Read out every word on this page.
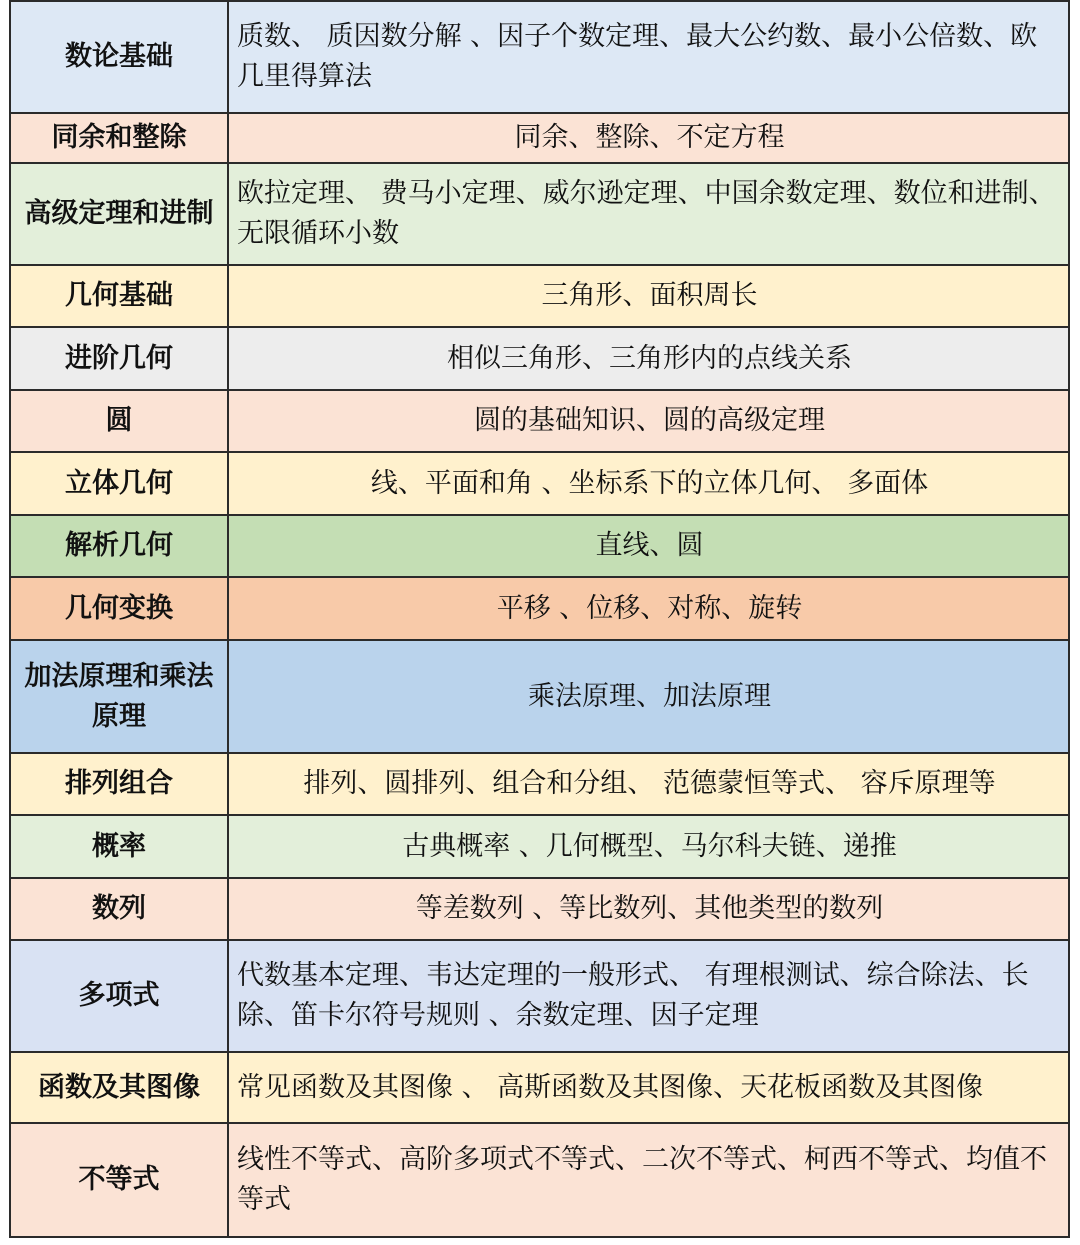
数论基础	质数、 质因数分解 、因子个数定理、最大公约数、最小公倍数、欧几里得算法
同余和整除	同余、整除、不定方程
高级定理和进制	欧拉定理、 费马小定理、威尔逊定理、中国余数定理、数位和进制、无限循环小数
几何基础	三角形、面积周长
进阶几何	相似三角形、三角形内的点线关系
圆	圆的基础知识、圆的高级定理
立体几何	线、平面和角 、坐标系下的立体几何、 多面体
解析几何	直线、圆
几何变换	平移 、位移、对称、旋转
加法原理和乘法原理	乘法原理、加法原理
排列组合	排列、圆排列、组合和分组、 范德蒙恒等式、 容斥原理等
概率	古典概率 、几何概型、马尔科夫链、递推
数列	等差数列 、等比数列、其他类型的数列
多项式	代数基本定理、韦达定理的一般形式、 有理根测试、综合除法、长除、笛卡尔符号规则 、余数定理、因子定理
函数及其图像	常见函数及其图像 、 高斯函数及其图像、天花板函数及其图像
不等式	线性不等式、高阶多项式不等式、二次不等式、柯西不等式、均值不等式
